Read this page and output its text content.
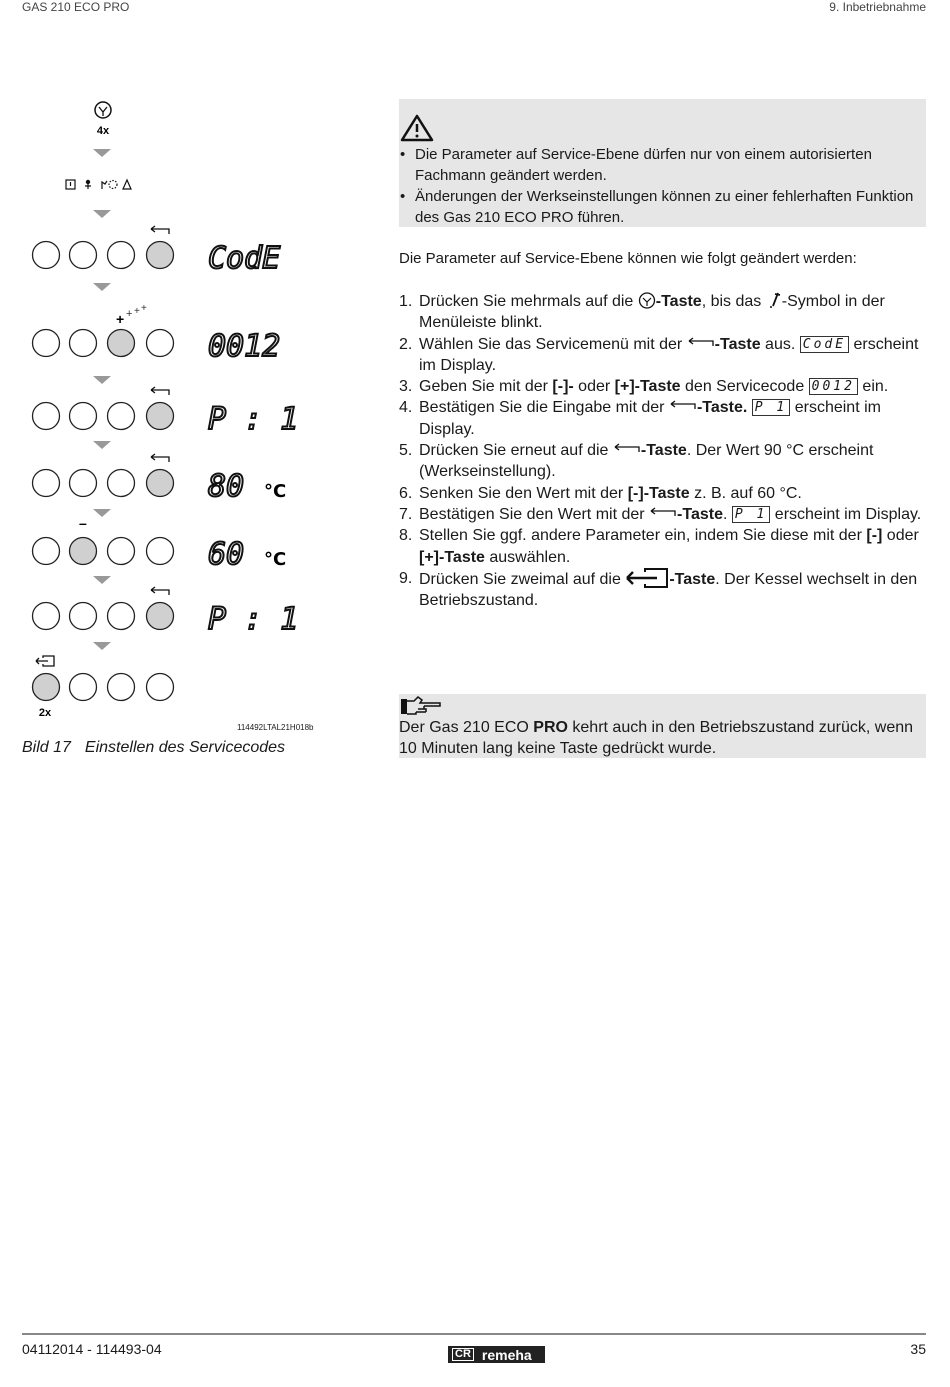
GAS 210 ECO PRO	9. Inbetriebnahme
4x
CodE
+ + + +
0012
P : 1
80 °C
–
60 °C
P : 1
2x
114492LTAL21H018b
Bild 17 Einstellen des Servicecodes
• Die Parameter auf Service-Ebene dürfen nur von einem autorisierten Fachmann geändert werden.
• Änderungen der Werkseinstellungen können zu einer fehlerhaften Funktion des Gas 210 ECO PRO führen.
Die Parameter auf Service-Ebene können wie folgt geändert werden:
1. Drücken Sie mehrmals auf die -Taste, bis das -Symbol in der Menüleiste blinkt.
2. Wählen Sie das Servicemenü mit der -Taste aus. CodE erscheint im Display.
3. Geben Sie mit der [-]- oder [+]-Taste den Servicecode 0012 ein.
4. Bestätigen Sie die Eingabe mit der -Taste. P 1 erscheint im Display.
5. Drücken Sie erneut auf die -Taste. Der Wert 90 °C erscheint (Werkseinstellung).
6. Senken Sie den Wert mit der [-]-Taste z. B. auf 60 °C.
7. Bestätigen Sie den Wert mit der -Taste. P 1 erscheint im Display.
8. Stellen Sie ggf. andere Parameter ein, indem Sie diese mit der [-] oder [+]-Taste auswählen.
9. Drücken Sie zweimal auf die	-Taste. Der Kessel wechselt in den Betriebszustand.
Der Gas 210 ECO PRO kehrt auch in den Betriebszustand zurück, wenn 10 Minuten lang keine Taste gedrückt wurde.
04112014 - 114493-04	CR remeha	35
